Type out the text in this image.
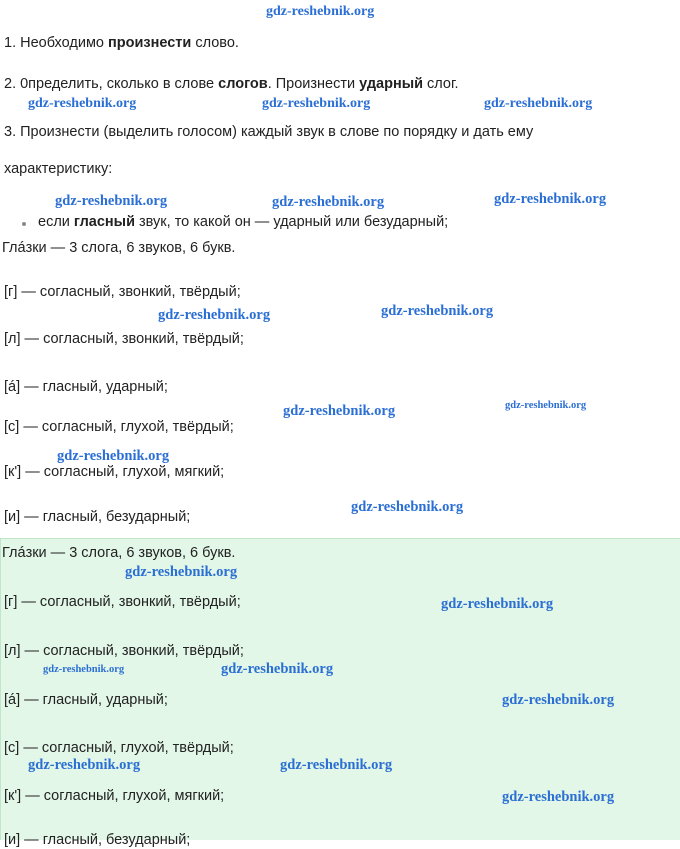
1. Необходимо произнести слово.
2. 0пределить, сколько в слове слогов. Произнести ударный слог.
3. Произнести (выделить голосом) каждый звук в слове по порядку и дать ему
характеристику:
если гласный звук, то какой он — ударный или безударный;
Глáзки — 3 слога, 6 звуков, 6 букв.
[г] — согласный, звонкий, твёрдый;
[л] — согласный, звонкий, твёрдый;
[á] — гласный, ударный;
[с] — согласный, глухой, твёрдый;
[к'] — согласный, глухой, мягкий;
[и] — гласный, безударный;
Глáзки — 3 слога, 6 звуков, 6 букв.
[г] — согласный, звонкий, твёрдый;
[л] — согласный, звонкий, твёрдый;
[á] — гласный, ударный;
[с] — согласный, глухой, твёрдый;
[к'] — согласный, глухой, мягкий;
[и] — гласный, безударный;
gdz-reshebnik.org
gdz-reshebnik.org	gdz-reshebnik.org	gdz-reshebnik.org
gdz-reshebnik.org	gdz-reshebnik.org	gdz-reshebnik.org
gdz-reshebnik.org	gdz-reshebnik.org
gdz-reshebnik.org	gdz-reshebnik.org
gdz-reshebnik.org
gdz-reshebnik.org
gdz-reshebnik.org
gdz-reshebnik.org
gdz-reshebnik.org	gdz-reshebnik.org
gdz-reshebnik.org
gdz-reshebnik.org	gdz-reshebnik.org
gdz-reshebnik.org
